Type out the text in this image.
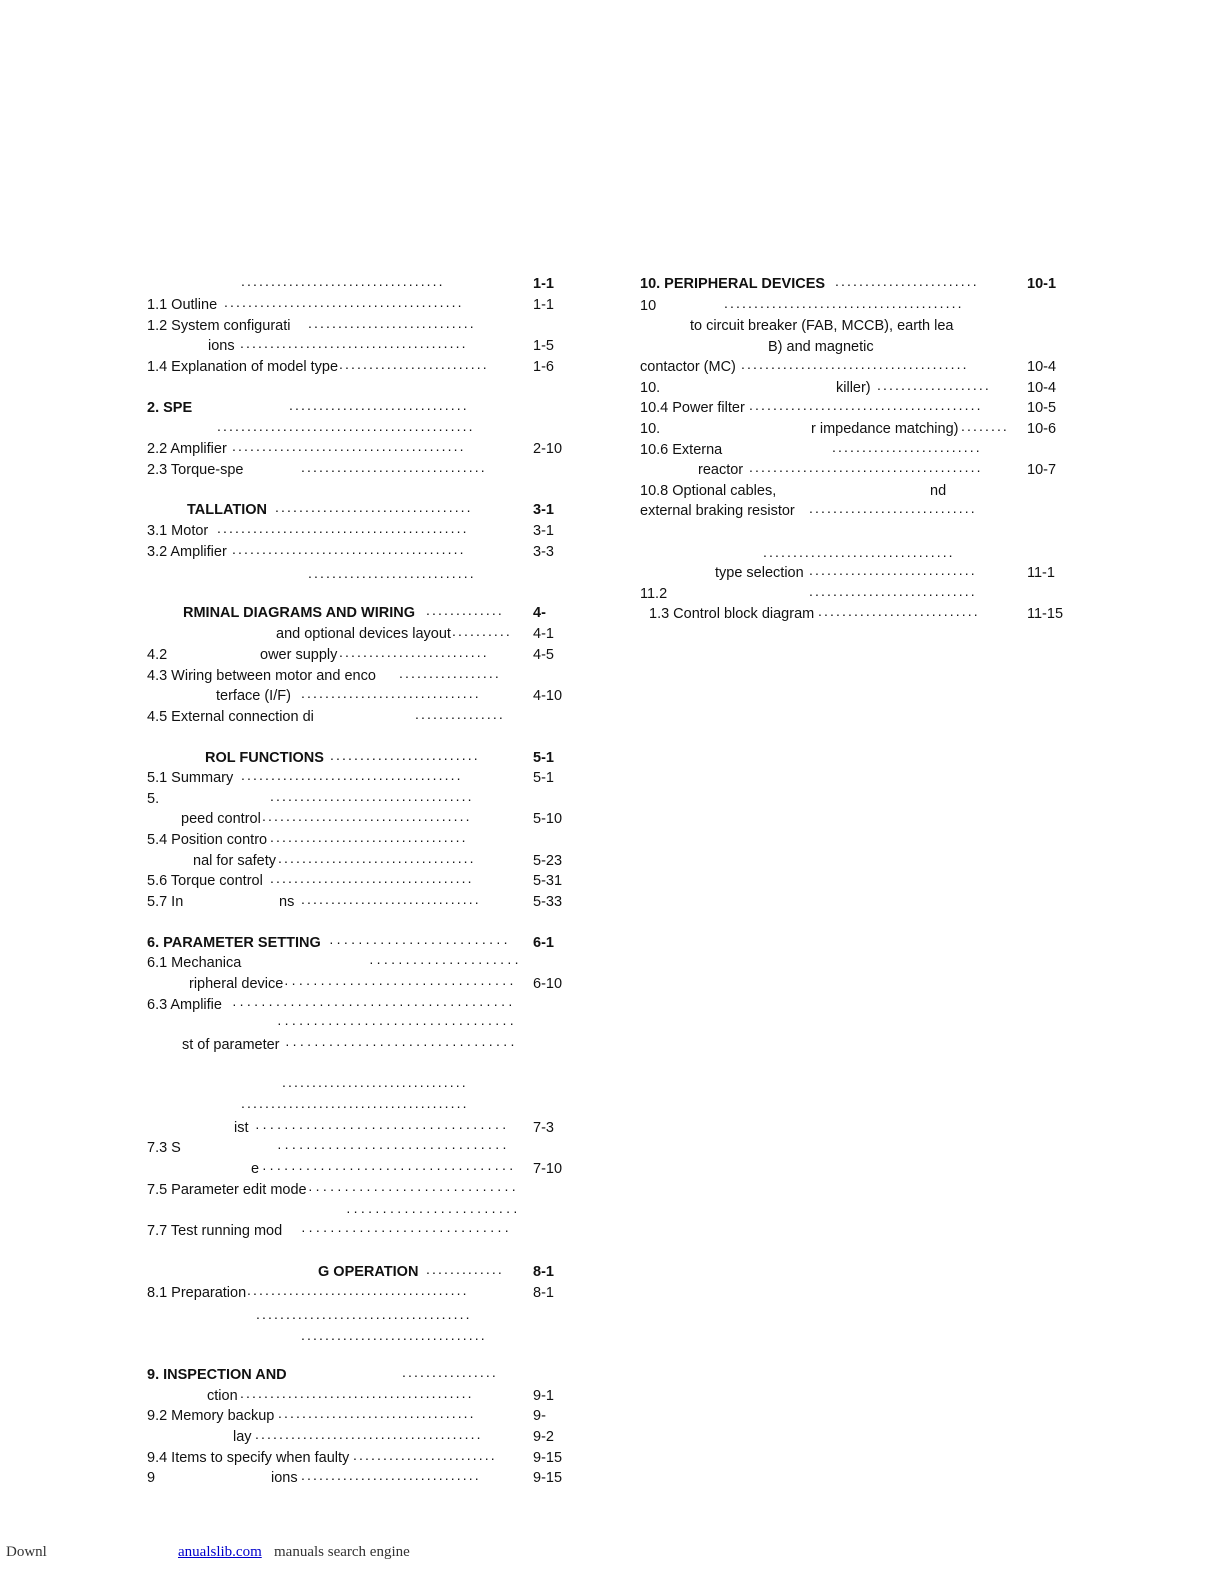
..................................	1-1
1.1 Outline ........................................	1-1
1.2 System configurati ............................
ions ......................................	1-5
1.4 Explanation of model type .........................	1-6
2. SPE	..............................
...........................................
2.2 Amplifier .......................................	2-10
2.3 Torque-spe	...............................
TALLATION .................................	3-1
3.1 Motor ..........................................	3-1
3.2 Amplifier .......................................	3-3
............................
RMINAL DIAGRAMS AND WIRING .............	4-
and optional devices layout ..........	4-1
4.2	ower supply	4-5
.........................
4.3 Wiring between motor and enco .................
terface (I/F) ..............................	4-10
4.5 External connection di	...............
ROL FUNCTIONS .........................	5-1
5.1 Summary .....................................	5-1
5.	..................................
peed control ...................................	5-10
5.4 Position contro .................................
nal for safety .................................	5-23
5.6 Torque control ..................................	5-31
5.7 In	ns ..............................	5-33
6. PARAMETER SETTING ·························	6-1
6.1 Mechanica	·····················
ripheral device ································	6-10
6.3 Amplifie ·······································
·································
st of parameter ································
...............................
......................................
ist ···································	7-3
7.3 S	································
e ···································	7-10
7.5 Parameter edit mode ·····························
························
7.7 Test running mod ·····························
G OPERATION .............	8-1
8.1 Preparation .....................................	8-1
....................................
...............................
9. INSPECTION AND	................
ction .......................................	9-1
9.2 Memory backup .................................	9-
lay ......................................	9-2
9.4 Items to specify when faulty ........................	9-15
9	ions ..............................	9-15
10. PERIPHERAL DEVICES ........................	10-1
10	........................................
to circuit breaker (FAB, MCCB), earth lea
B) and magnetic
contactor (MC) ......................................	10-4
10.	killer) ...................	10-4
10.4 Power filter .......................................	10-5
10.	r impedance matching) ........	10-6
10.6 Externa	.........................
reactor .......................................	10-7
10.8 Optional cables,	nd
external braking resistor ............................
................................
type selection ............................	11-1
11.2	............................
1.3 Control block diagram ...........................	11-15
Downl	anualslib.com manuals search engine
